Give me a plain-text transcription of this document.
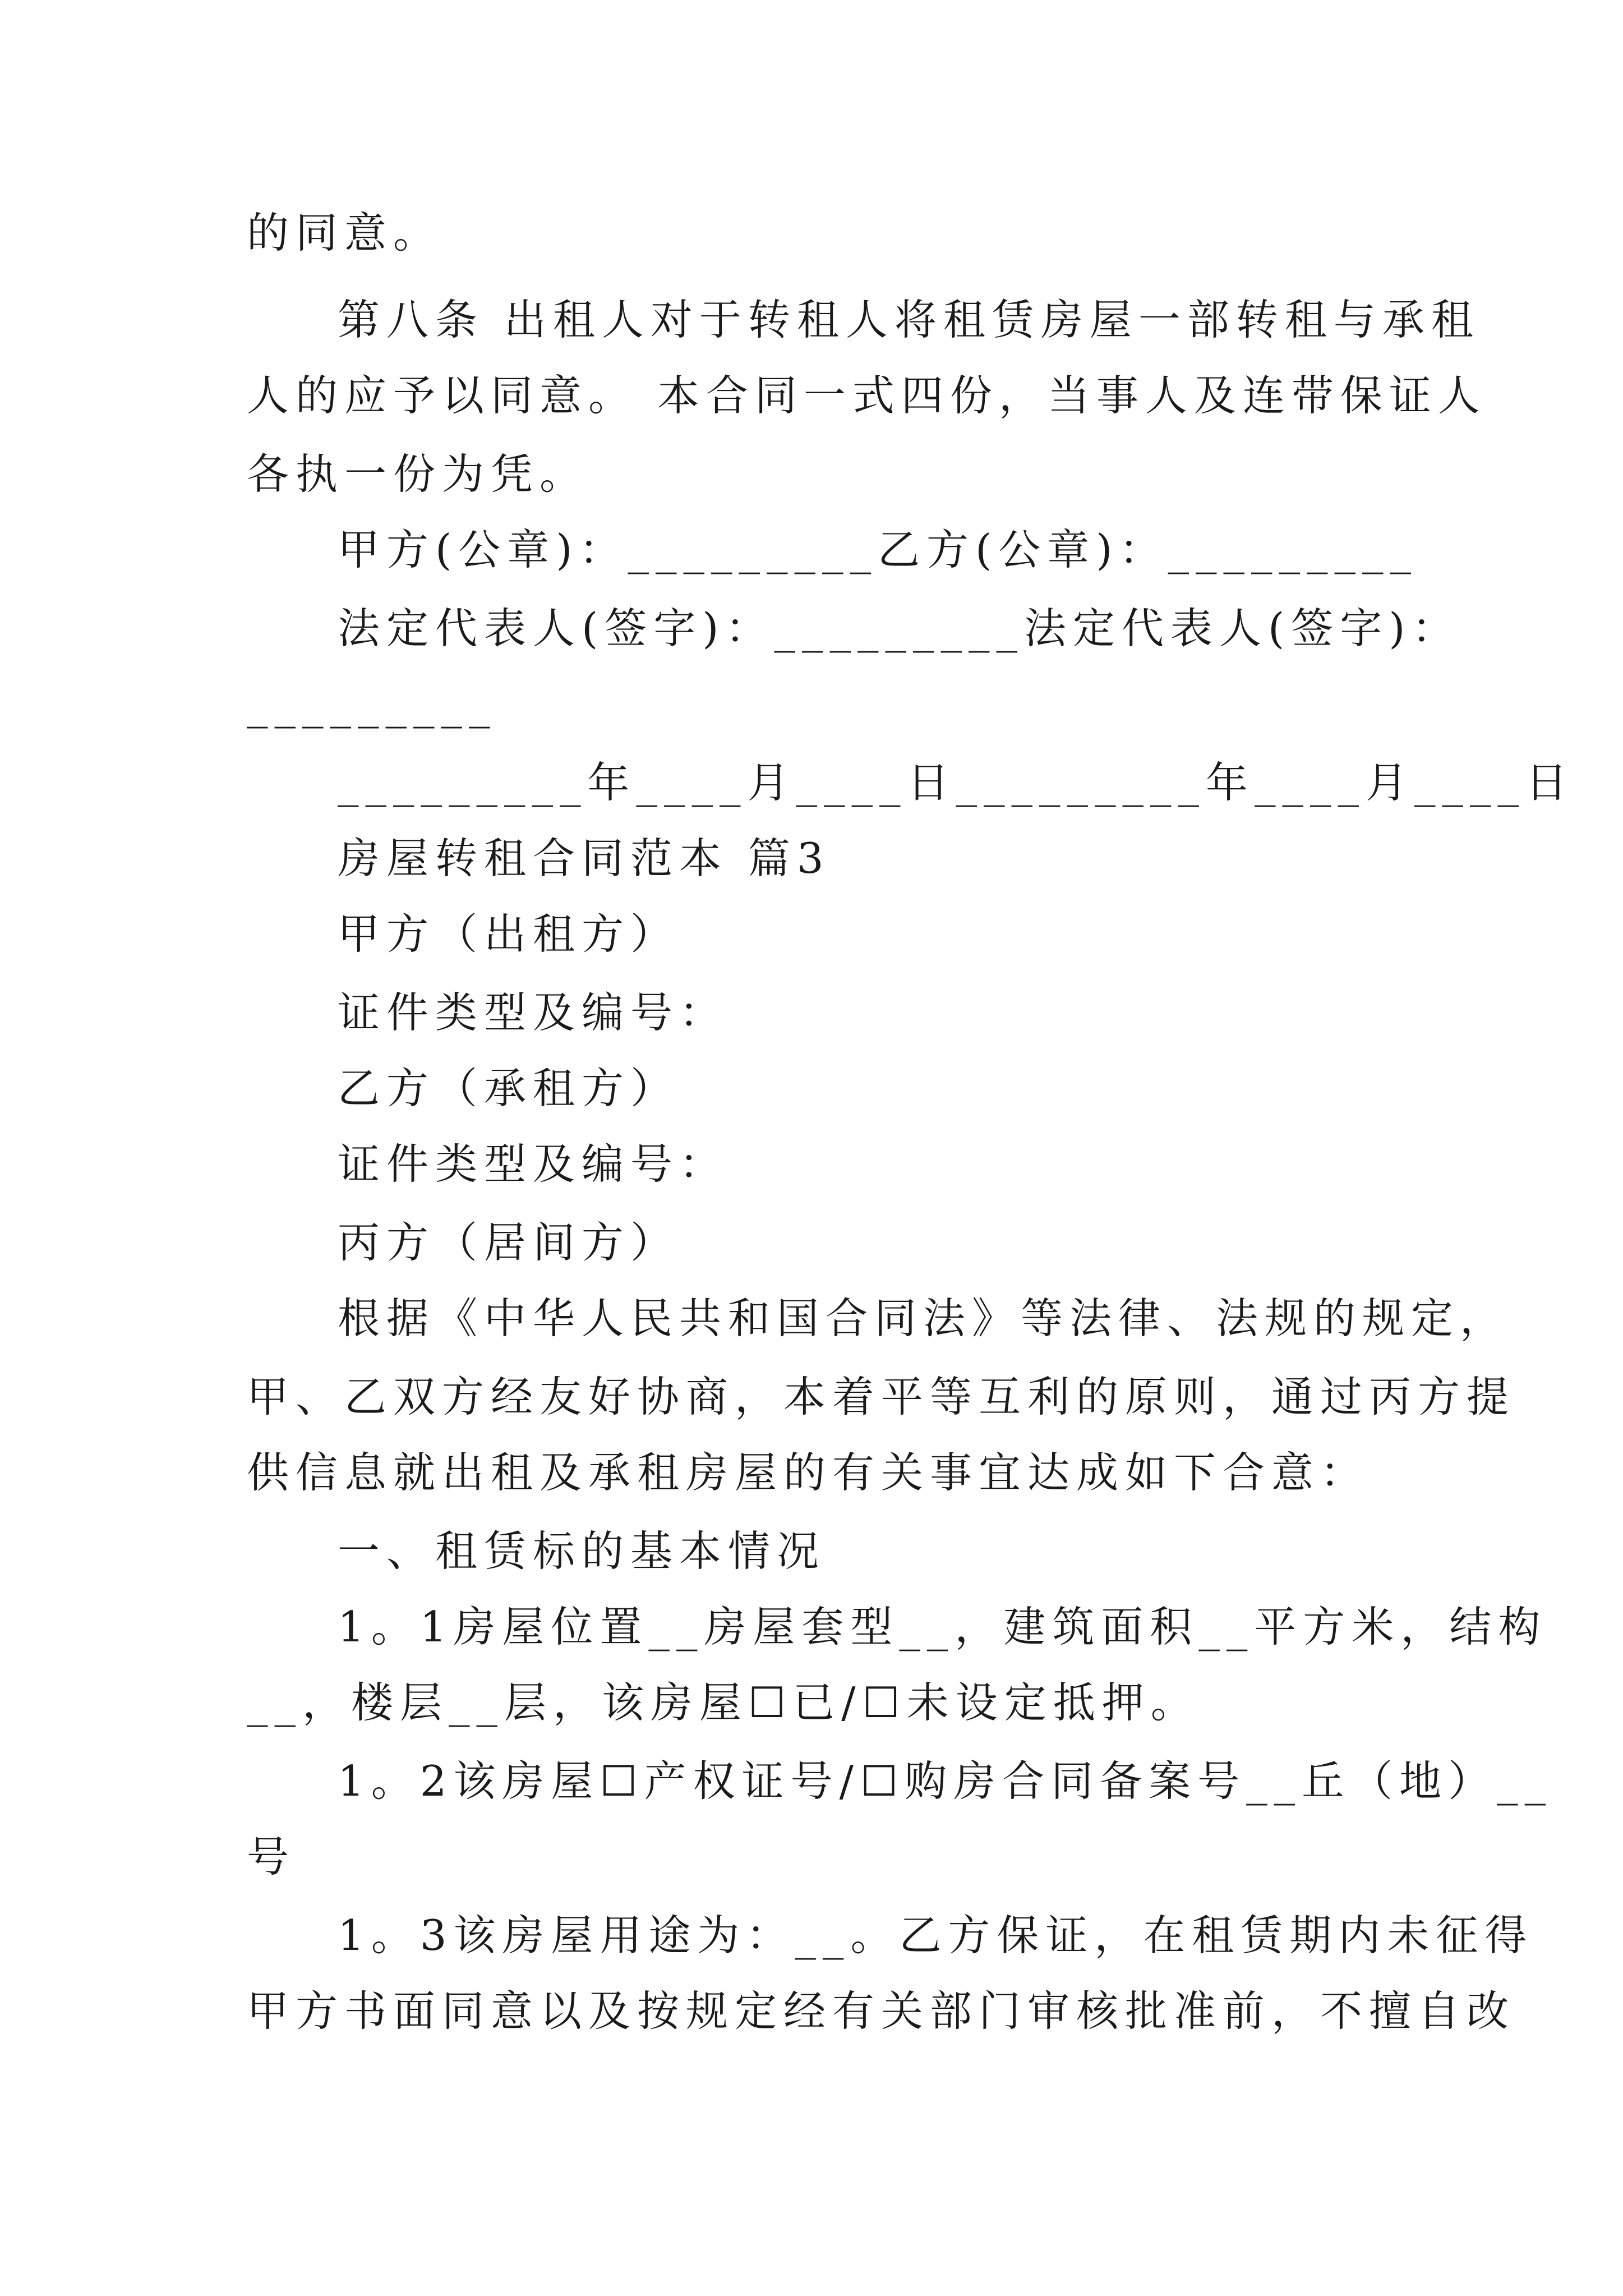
的同意。
第八条 出租人对于转租人将租赁房屋一部转租与承租
人的应予以同意。 本合同一式四份，当事人及连带保证人
各执一份为凭。
甲方(公章)：_________乙方(公章)：_________
法定代表人(签字)：_________法定代表人(签字)：
_________
_________年____月____日_________年____月____日
房屋转租合同范本 篇3
甲方（出租方）
证件类型及编号：
乙方（承租方）
证件类型及编号：
丙方（居间方）
根据《中华人民共和国合同法》等法律、法规的规定，
甲、乙双方经友好协商，本着平等互利的原则，通过丙方提
供信息就出租及承租房屋的有关事宜达成如下合意：
一、租赁标的基本情况
1。1房屋位置__房屋套型__，建筑面积__平方米，结构
__，楼层__层，该房屋☐已/☐未设定抵押。
1。2该房屋☐产权证号/☐购房合同备案号__丘（地）__
号
1。3该房屋用途为：__。乙方保证，在租赁期内未征得
甲方书面同意以及按规定经有关部门审核批准前，不擅自改
